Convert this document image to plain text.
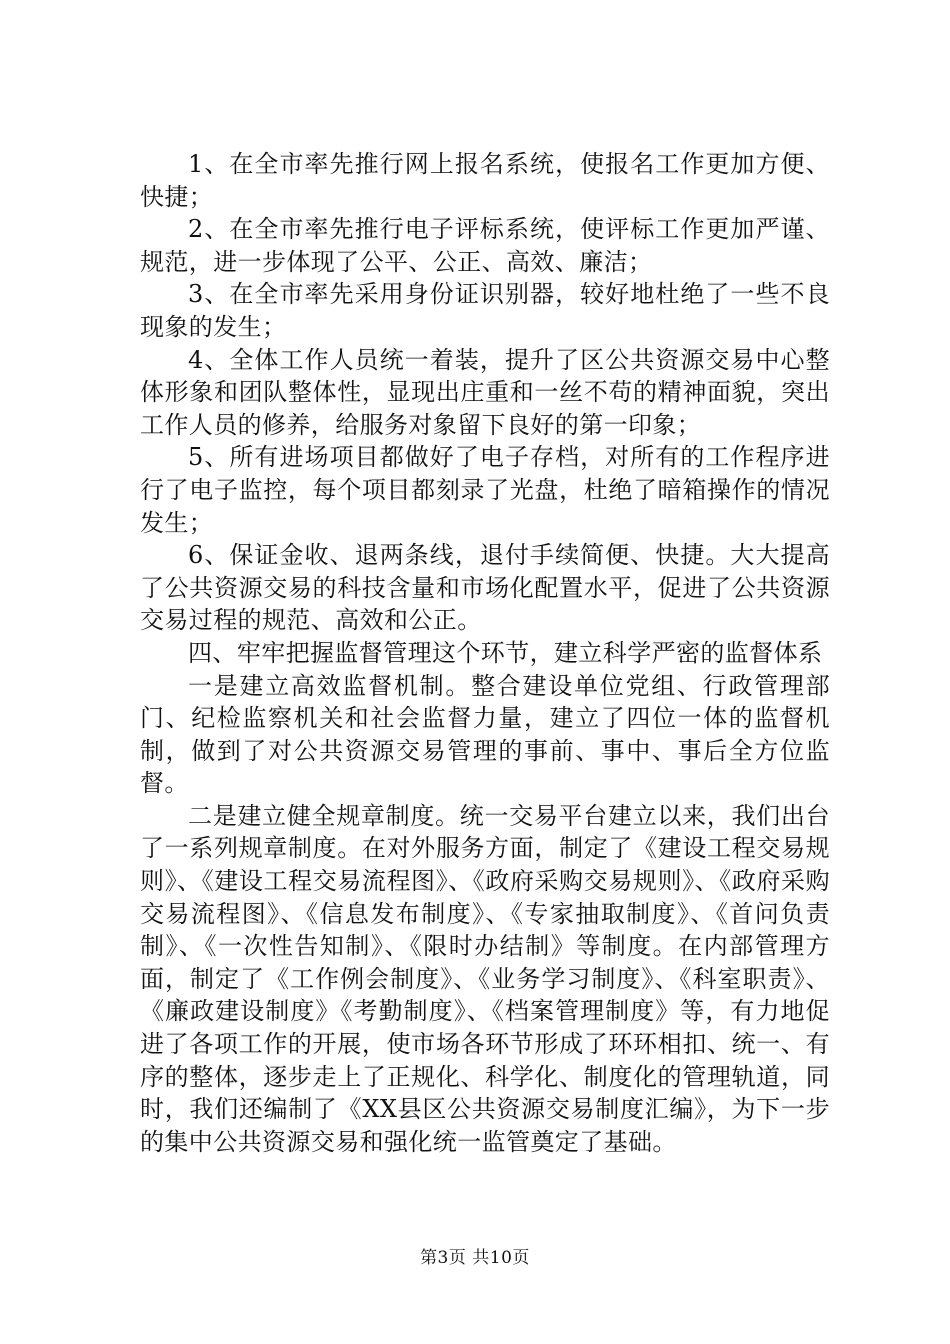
1、在全市率先推行网上报名系统，使报名工作更加方便、快捷；

2、在全市率先推行电子评标系统，使评标工作更加严谨、规范，进一步体现了公平、公正、高效、廉洁；

3、在全市率先采用身份证识别器，较好地杜绝了一些不良现象的发生；

4、全体工作人员统一着装，提升了区公共资源交易中心整体形象和团队整体性，显现出庄重和一丝不苟的精神面貌，突出工作人员的修养，给服务对象留下良好的第一印象；

5、所有进场项目都做好了电子存档，对所有的工作程序进行了电子监控，每个项目都刻录了光盘，杜绝了暗箱操作的情况发生；

6、保证金收、退两条线，退付手续简便、快捷。大大提高了公共资源交易的科技含量和市场化配置水平，促进了公共资源交易过程的规范、高效和公正。

四、牢牢把握监督管理这个环节，建立科学严密的监督体系

一是建立高效监督机制。整合建设单位党组、行政管理部门、纪检监察机关和社会监督力量，建立了四位一体的监督机制，做到了对公共资源交易管理的事前、事中、事后全方位监督。

二是建立健全规章制度。统一交易平台建立以来，我们出台了一系列规章制度。在对外服务方面，制定了《建设工程交易规则》、《建设工程交易流程图》、《政府采购交易规则》、《政府采购交易流程图》、《信息发布制度》、《专家抽取制度》、《首问负责制》、《一次性告知制》、《限时办结制》等制度。在内部管理方面，制定了《工作例会制度》、《业务学习制度》、《科室职责》、《廉政建设制度》《考勤制度》、《档案管理制度》等，有力地促进了各项工作的开展，使市场各环节形成了环环相扣、统一、有序的整体，逐步走上了正规化、科学化、制度化的管理轨道，同时，我们还编制了《XX县区公共资源交易制度汇编》，为下一步的集中公共资源交易和强化统一监管奠定了基础。

第3页 共10页
